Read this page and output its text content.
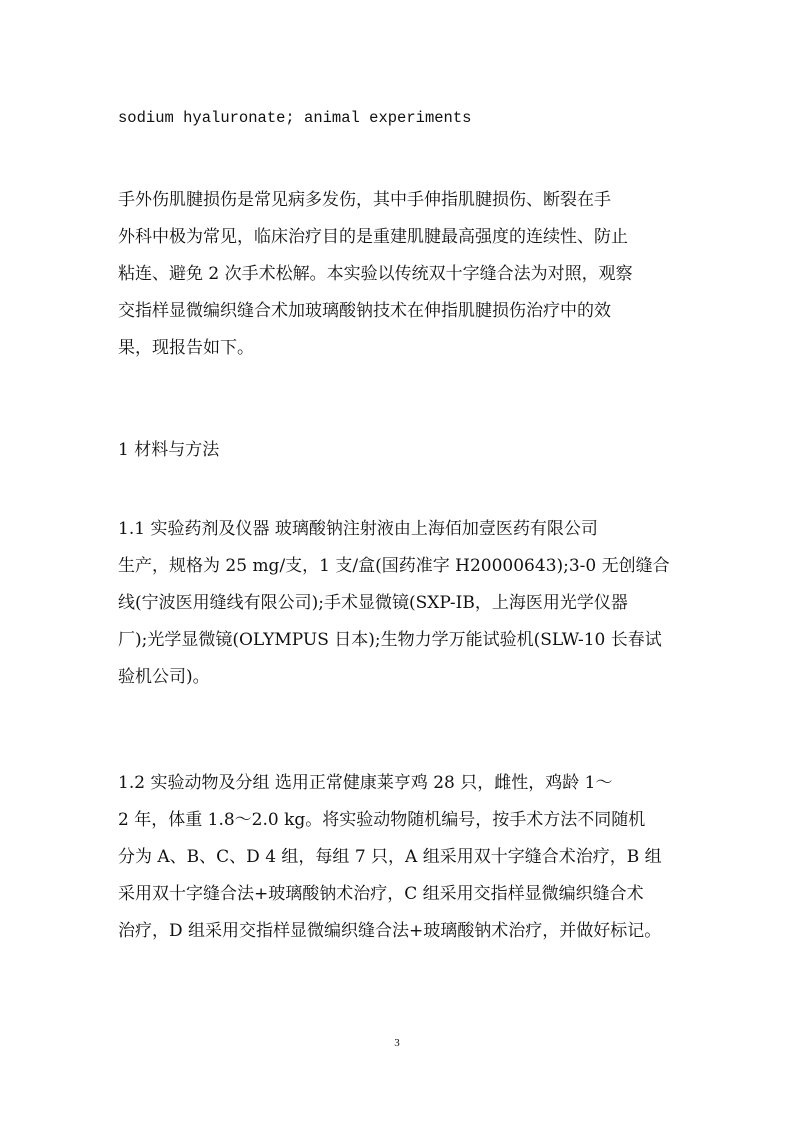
sodium hyaluronate; animal experiments
手外伤肌腱损伤是常见病多发伤，其中手伸指肌腱损伤、断裂在手
外科中极为常见，临床治疗目的是重建肌腱最高强度的连续性、防止
粘连、避免 2 次手术松解。本实验以传统双十字缝合法为对照，观察
交指样显微编织缝合术加玻璃酸钠技术在伸指肌腱损伤治疗中的效
果，现报告如下。
1 材料与方法
1.1 实验药剂及仪器 玻璃酸钠注射液由上海佰加壹医药有限公司
生产，规格为 25 mg/支，1 支/盒(国药准字 H20000643);3-0 无创缝合
线(宁波医用缝线有限公司);手术显微镜(SXP-IB，上海医用光学仪器
厂);光学显微镜(OLYMPUS 日本);生物力学万能试验机(SLW-10 长春试
验机公司)。
1.2 实验动物及分组 选用正常健康莱亨鸡 28 只，雌性，鸡龄 1～
2 年，体重 1.8～2.0 kg。将实验动物随机编号，按手术方法不同随机
分为 A、B、C、D 4 组，每组 7 只，A 组采用双十字缝合术治疗，B 组
采用双十字缝合法+玻璃酸钠术治疗，C 组采用交指样显微编织缝合术
治疗，D 组采用交指样显微编织缝合法+玻璃酸钠术治疗，并做好标记。
3
